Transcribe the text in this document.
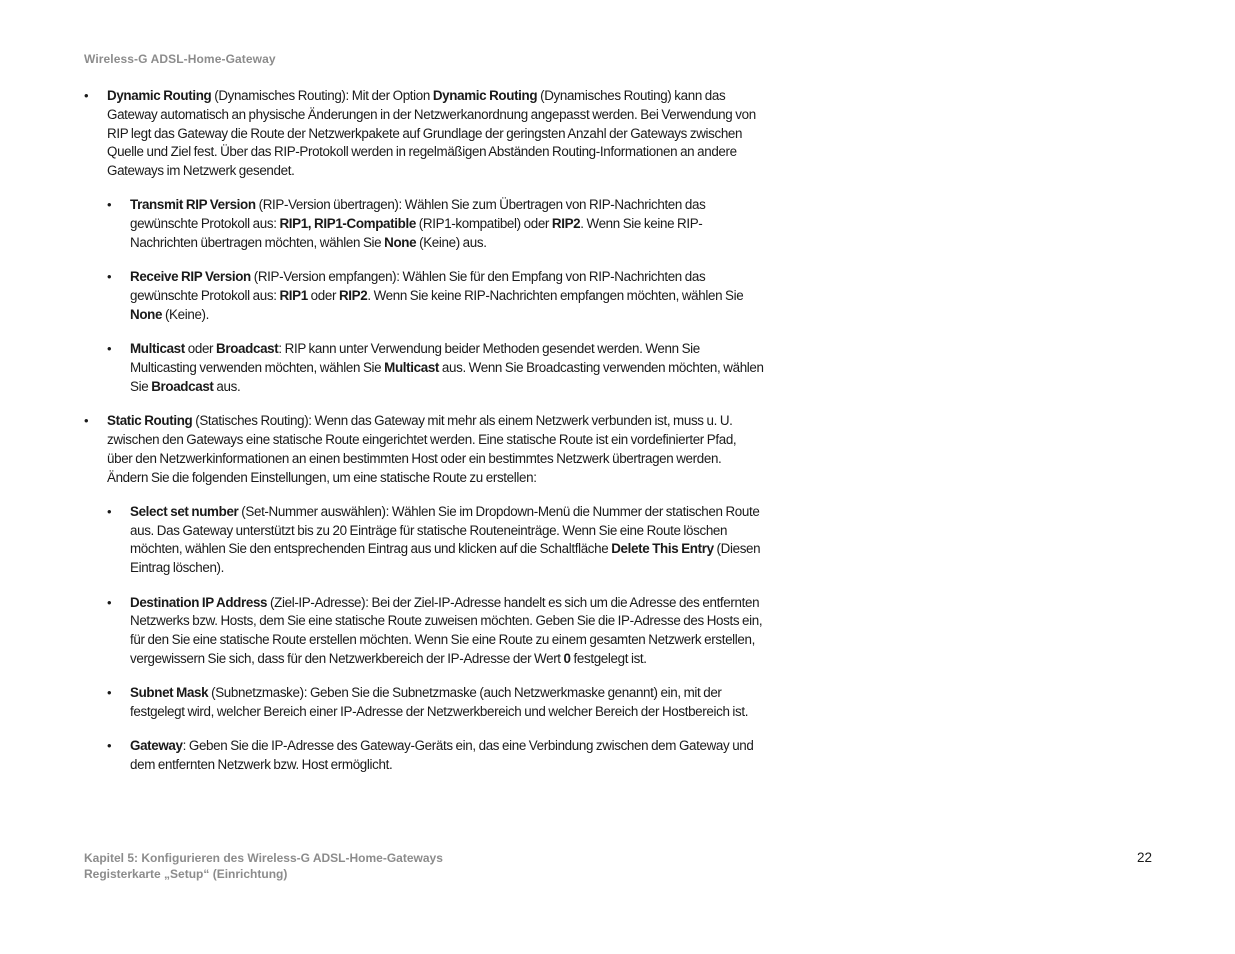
Wireless-G ADSL-Home-Gateway
• Dynamic Routing (Dynamisches Routing): Mit der Option Dynamic Routing (Dynamisches Routing) kann das Gateway automatisch an physische Änderungen in der Netzwerkanordnung angepasst werden. Bei Verwendung von RIP legt das Gateway die Route der Netzwerkpakete auf Grundlage der geringsten Anzahl der Gateways zwischen Quelle und Ziel fest. Über das RIP-Protokoll werden in regelmäßigen Abständen Routing-Informationen an andere Gateways im Netzwerk gesendet.

• Transmit RIP Version (RIP-Version übertragen): Wählen Sie zum Übertragen von RIP-Nachrichten das gewünschte Protokoll aus: RIP1, RIP1-Compatible (RIP1-kompatibel) oder RIP2. Wenn Sie keine RIP-Nachrichten übertragen möchten, wählen Sie None (Keine) aus.

• Receive RIP Version (RIP-Version empfangen): Wählen Sie für den Empfang von RIP-Nachrichten das gewünschte Protokoll aus: RIP1 oder RIP2. Wenn Sie keine RIP-Nachrichten empfangen möchten, wählen Sie None (Keine).

• Multicast oder Broadcast: RIP kann unter Verwendung beider Methoden gesendet werden. Wenn Sie Multicasting verwenden möchten, wählen Sie Multicast aus. Wenn Sie Broadcasting verwenden möchten, wählen Sie Broadcast aus.

• Static Routing (Statisches Routing): Wenn das Gateway mit mehr als einem Netzwerk verbunden ist, muss u. U. zwischen den Gateways eine statische Route eingerichtet werden. Eine statische Route ist ein vordefinierter Pfad, über den Netzwerkinformationen an einen bestimmten Host oder ein bestimmtes Netzwerk übertragen werden. Ändern Sie die folgenden Einstellungen, um eine statische Route zu erstellen:

• Select set number (Set-Nummer auswählen): Wählen Sie im Dropdown-Menü die Nummer der statischen Route aus. Das Gateway unterstützt bis zu 20 Einträge für statische Routeneinträge. Wenn Sie eine Route löschen möchten, wählen Sie den entsprechenden Eintrag aus und klicken auf die Schaltfläche Delete This Entry (Diesen Eintrag löschen).

• Destination IP Address (Ziel-IP-Adresse): Bei der Ziel-IP-Adresse handelt es sich um die Adresse des entfernten Netzwerks bzw. Hosts, dem Sie eine statische Route zuweisen möchten. Geben Sie die IP-Adresse des Hosts ein, für den Sie eine statische Route erstellen möchten. Wenn Sie eine Route zu einem gesamten Netzwerk erstellen, vergewissern Sie sich, dass für den Netzwerkbereich der IP-Adresse der Wert 0 festgelegt ist.

• Subnet Mask (Subnetzmaske): Geben Sie die Subnetzmaske (auch Netzwerkmaske genannt) ein, mit der festgelegt wird, welcher Bereich einer IP-Adresse der Netzwerkbereich und welcher Bereich der Hostbereich ist.

• Gateway: Geben Sie die IP-Adresse des Gateway-Geräts ein, das eine Verbindung zwischen dem Gateway und dem entfernten Netzwerk bzw. Host ermöglicht.

Kapitel 5: Konfigurieren des Wireless-G ADSL-Home-Gateways
Registerkarte „Setup“ (Einrichtung)
22
